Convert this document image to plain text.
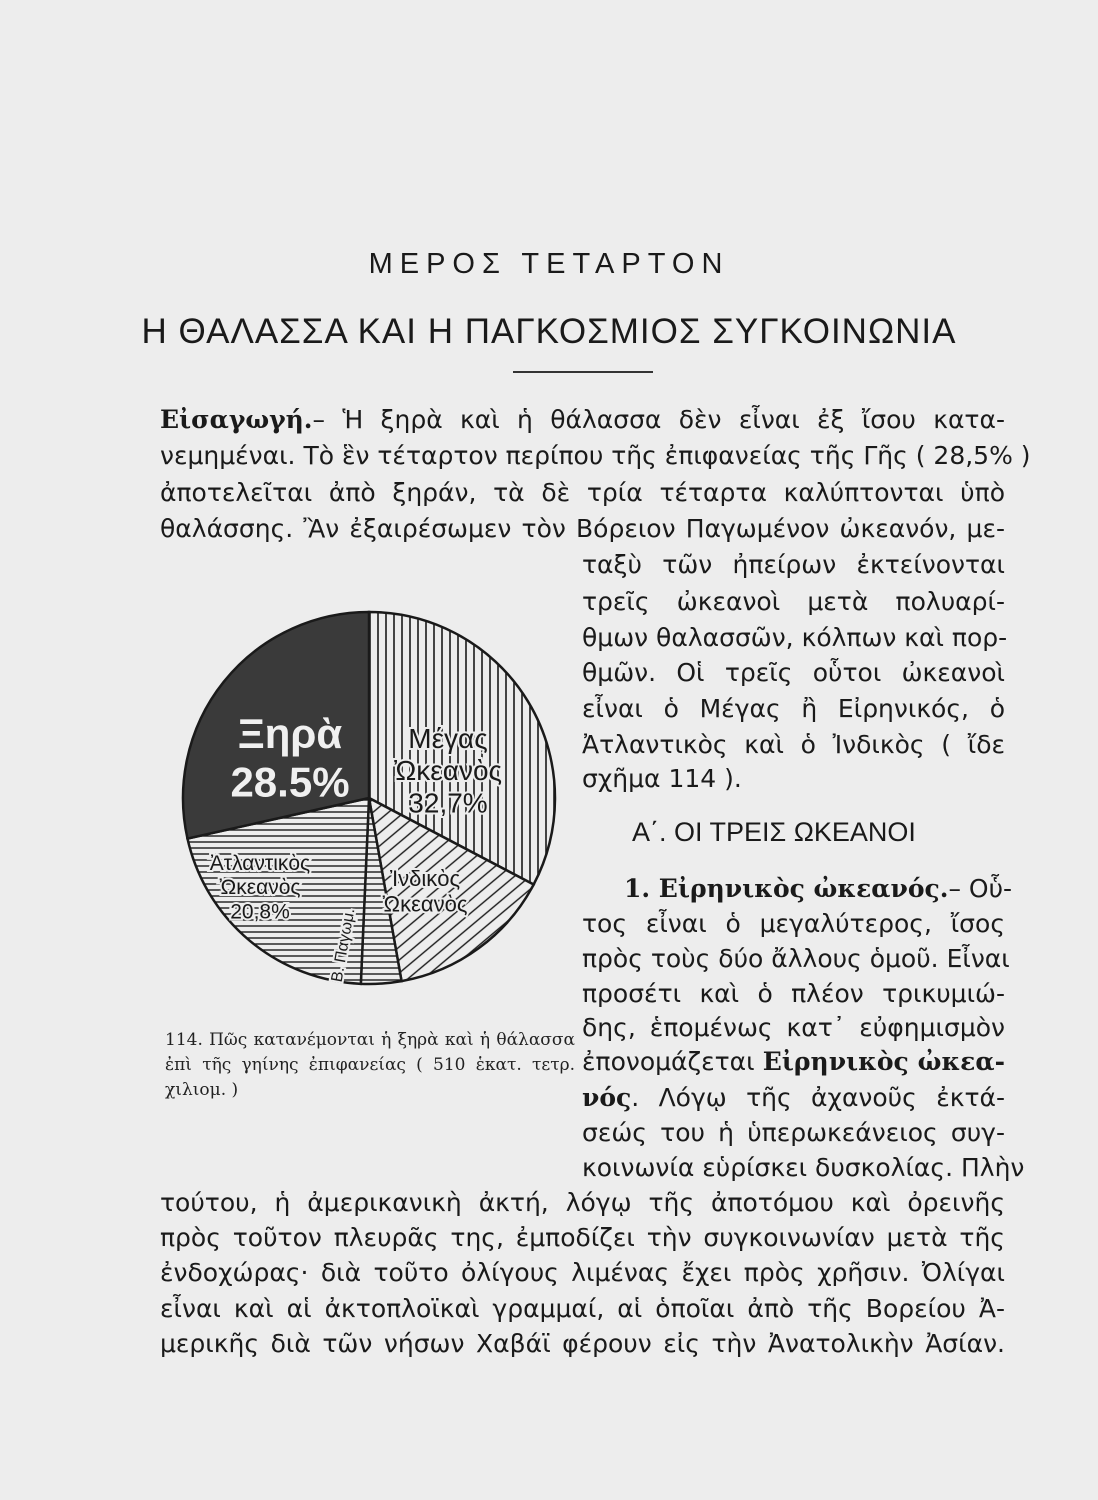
ΜΕΡΟΣ ΤΕΤΑΡΤΟΝ
Η ΘΑΛΑΣΣΑ ΚΑΙ Η ΠΑΓΚΟΣΜΙΟΣ ΣΥΓΚΟΙΝΩΝΙΑ
Εἰσαγωγή.– Ἡ ξηρὰ καὶ ἡ θάλασσα δὲν εἶναι ἐξ ἴσου κατα-
νεμημέναι. Τὸ ἓν τέταρτον περίπου τῆς ἐπιφανείας τῆς Γῆς ( 28,5% )
ἀποτελεῖται ἀπὸ ξηράν, τὰ δὲ τρία τέταρτα καλύπτονται ὑπὸ
θαλάσσης. Ἂν ἐξαιρέσωμεν τὸν Βόρειον Παγωμένον ὠκεανόν, με-
ταξὺ τῶν ἠπείρων ἐκτείνονται
τρεῖς ὠκεανοὶ μετὰ πολυαρί-
θμων θαλασσῶν, κόλπων καὶ πορ-
θμῶν. Οἱ τρεῖς οὗτοι ὠκεανοὶ
εἶναι ὁ Μέγας ἢ Εἰρηνικός, ὁ
Ἀτλαντικὸς καὶ ὁ Ἰνδικὸς ( ἴδε
σχῆμα 114 ).
Α΄. ΟΙ ΤΡΕΙΣ ΩΚΕΑΝΟΙ
1. Εἰρηνικὸς ὠκεανός.– Οὗ-
τος εἶναι ὁ μεγαλύτερος, ἴσος
πρὸς τοὺς δύο ἄλλους ὁμοῦ. Εἶναι
προσέτι καὶ ὁ πλέον τρικυμιώ-
δης, ἑπομένως κατ᾽ εὐφημισμὸν
ἐπονομάζεται Εἰρηνικὸς ὠκεα-
νός. Λόγῳ τῆς ἀχανοῦς ἐκτά-
σεώς του ἡ ὑπερωκεάνειος συγ-
κοινωνία εὑρίσκει δυσκολίας. Πλὴν
τούτου, ἡ ἀμερικανικὴ ἀκτή, λόγῳ τῆς ἀποτόμου καὶ ὀρεινῆς
πρὸς τοῦτον πλευρᾶς της, ἐμποδίζει τὴν συγκοινωνίαν μετὰ τῆς
ἐνδοχώρας· διὰ τοῦτο ὀλίγους λιμένας ἔχει πρὸς χρῆσιν. Ὀλίγαι
εἶναι καὶ αἱ ἀκτοπλοϊκαὶ γραμμαί, αἱ ὁποῖαι ἀπὸ τῆς Βορείου Ἀ-
μερικῆς διὰ τῶν νήσων Χαβάϊ φέρουν εἰς τὴν Ἀνατολικὴν Ἀσίαν.
114. Πῶς κατανέμονται ἡ ξηρὰ καὶ ἡ θάλασσα ἐπὶ τῆς γηίνης ἐπιφανείας ( 510 ἑκατ. τετρ. χιλιομ. )
Μέγας Ὠκεανὸς 32,7%
Ἰνδικὸς Ὠκεανὸς
Β. Παγωμ.
Ἀτλαντικὸς Ὠκεανὸς 20,8%
Ξηρὰ 28.5%
